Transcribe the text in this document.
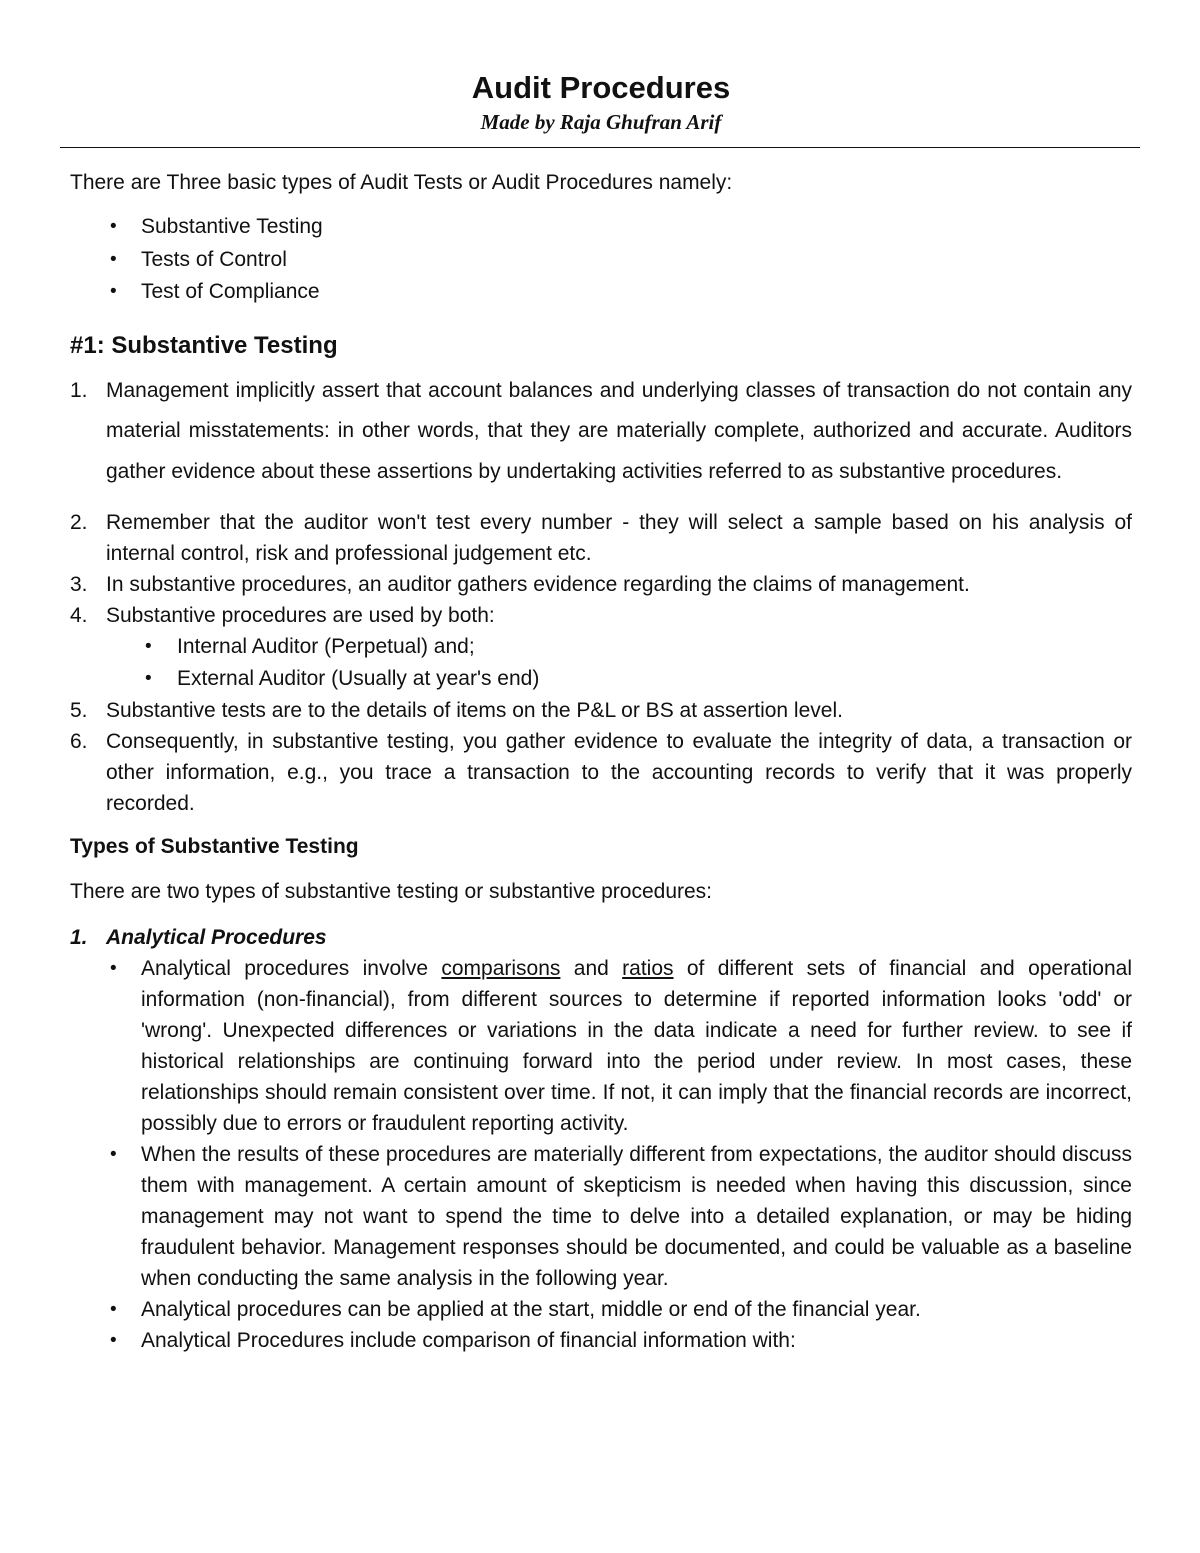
Audit Procedures

Made by Raja Ghufran Arif

There are Three basic types of Audit Tests or Audit Procedures namely:

• Substantive Testing
• Tests of Control
• Test of Compliance
#1: Substantive Testing
1. Management implicitly assert that account balances and underlying classes of transaction do not contain any material misstatements: in other words, that they are materially complete, authorized and accurate. Auditors gather evidence about these assertions by undertaking activities referred to as substantive procedures.
2. Remember that the auditor won't test every number - they will select a sample based on his analysis of internal control, risk and professional judgement etc.
3. In substantive procedures, an auditor gathers evidence regarding the claims of management.
4. Substantive procedures are used by both:
• Internal Auditor (Perpetual) and;
• External Auditor (Usually at year's end)
5. Substantive tests are to the details of items on the P&L or BS at assertion level.
6. Consequently, in substantive testing, you gather evidence to evaluate the integrity of data, a transaction or other information, e.g., you trace a transaction to the accounting records to verify that it was properly recorded.
Types of Substantive Testing

There are two types of substantive testing or substantive procedures:

1. Analytical Procedures
• Analytical procedures involve comparisons and ratios of different sets of financial and operational information (non-financial), from different sources to determine if reported information looks 'odd' or 'wrong'. Unexpected differences or variations in the data indicate a need for further review. to see if historical relationships are continuing forward into the period under review. In most cases, these relationships should remain consistent over time. If not, it can imply that the financial records are incorrect, possibly due to errors or fraudulent reporting activity.
• When the results of these procedures are materially different from expectations, the auditor should discuss them with management. A certain amount of skepticism is needed when having this discussion, since management may not want to spend the time to delve into a detailed explanation, or may be hiding fraudulent behavior. Management responses should be documented, and could be valuable as a baseline when conducting the same analysis in the following year.
• Analytical procedures can be applied at the start, middle or end of the financial year.
• Analytical Procedures include comparison of financial information with:
